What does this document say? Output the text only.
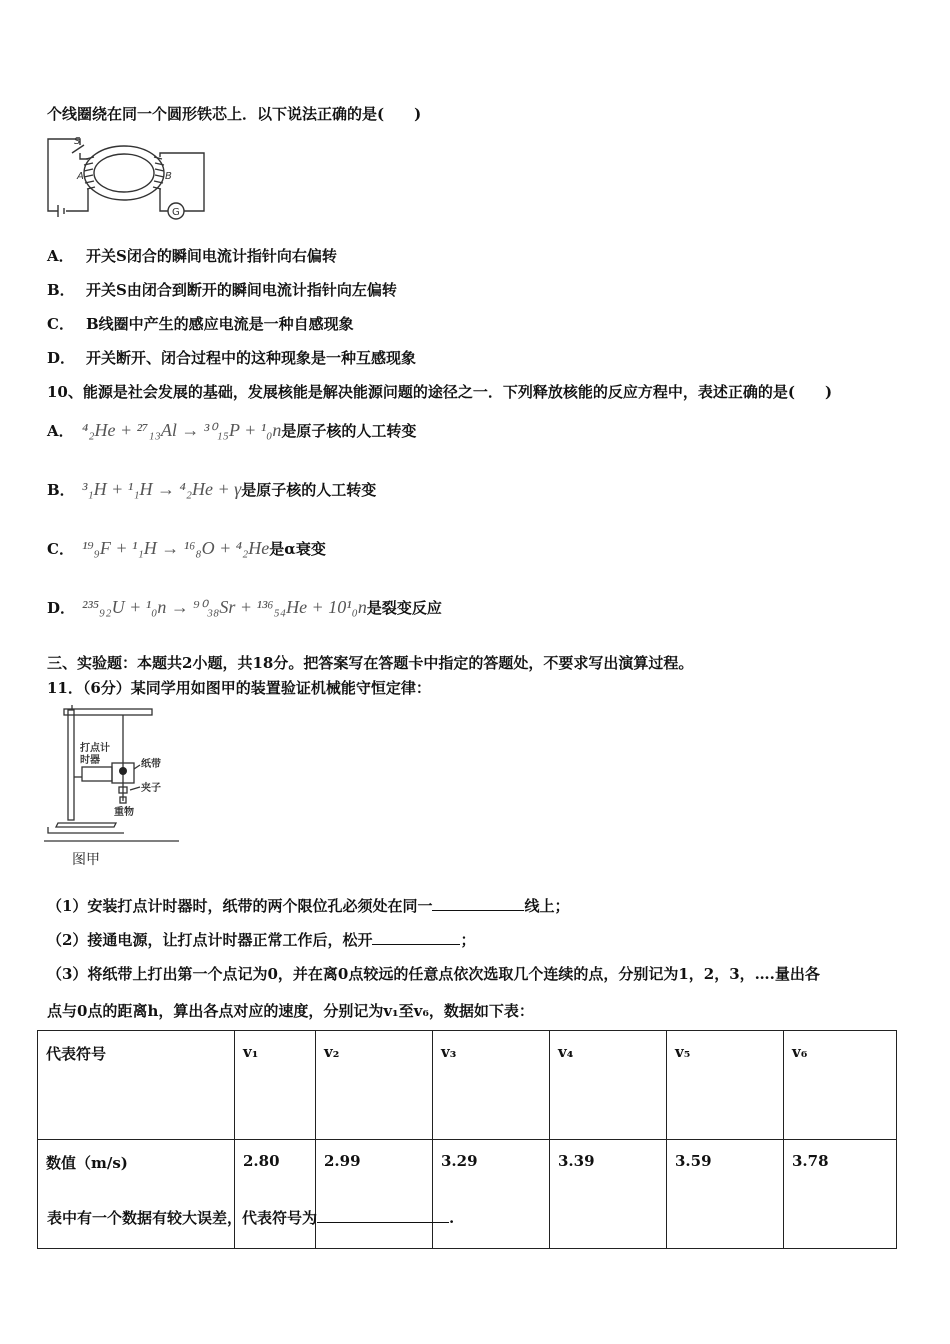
个线圈绕在同一个圆形铁芯上．以下说法正确的是(　　)
S
A	B
G
A． 开关S闭合的瞬间电流计指针向右偏转
B． 开关S由闭合到断开的瞬间电流计指针向左偏转
C． B线圈中产生的感应电流是一种自感现象
D． 开关断开、闭合过程中的这种现象是一种互感现象
10、能源是社会发展的基础，发展核能是解决能源问题的途径之一．下列释放核能的反应方程中，表述正确的是(　　)
A． ⁴₂He + ²⁷₁₃Al → ³⁰₁₅P + ¹₀n 是原子核的人工转变
B． ³₁H + ¹₁H → ⁴₂He + γ 是原子核的人工转变
C． ¹⁹₉F + ¹₁H → ¹⁶₈O + ⁴₂He 是α衰变
D． ²³⁵₉₂U + ¹₀n → ⁹⁰₃₈Sr + ¹³⁶₅₄He + 10¹₀n 是裂变反应
三、实验题：本题共2小题，共18分。把答案写在答题卡中指定的答题处，不要求写出演算过程。
11．（6分）某同学用如图甲的装置验证机械能守恒定律：
打点计
时器	纸带
夹子
重物
图甲
（1）安装打点计时器时，纸带的两个限位孔必须处在同一	线上；
（2）接通电源，让打点计时器正常工作后，松开	；
（3）将纸带上打出第一个点记为0，并在离0点较远的任意点依次选取几个连续的点，分别记为1，2，3，….量出各
点与0点的距离h，算出各点对应的速度，分别记为v₁至v₆，数据如下表：
代表符号	v₁	v₂	v₃	v₄	v₅	v₆
数值（m/s)	2.80	2.99	3.29	3.39	3.59	3.78
表中有一个数据有较大误差，代表符号为	.
